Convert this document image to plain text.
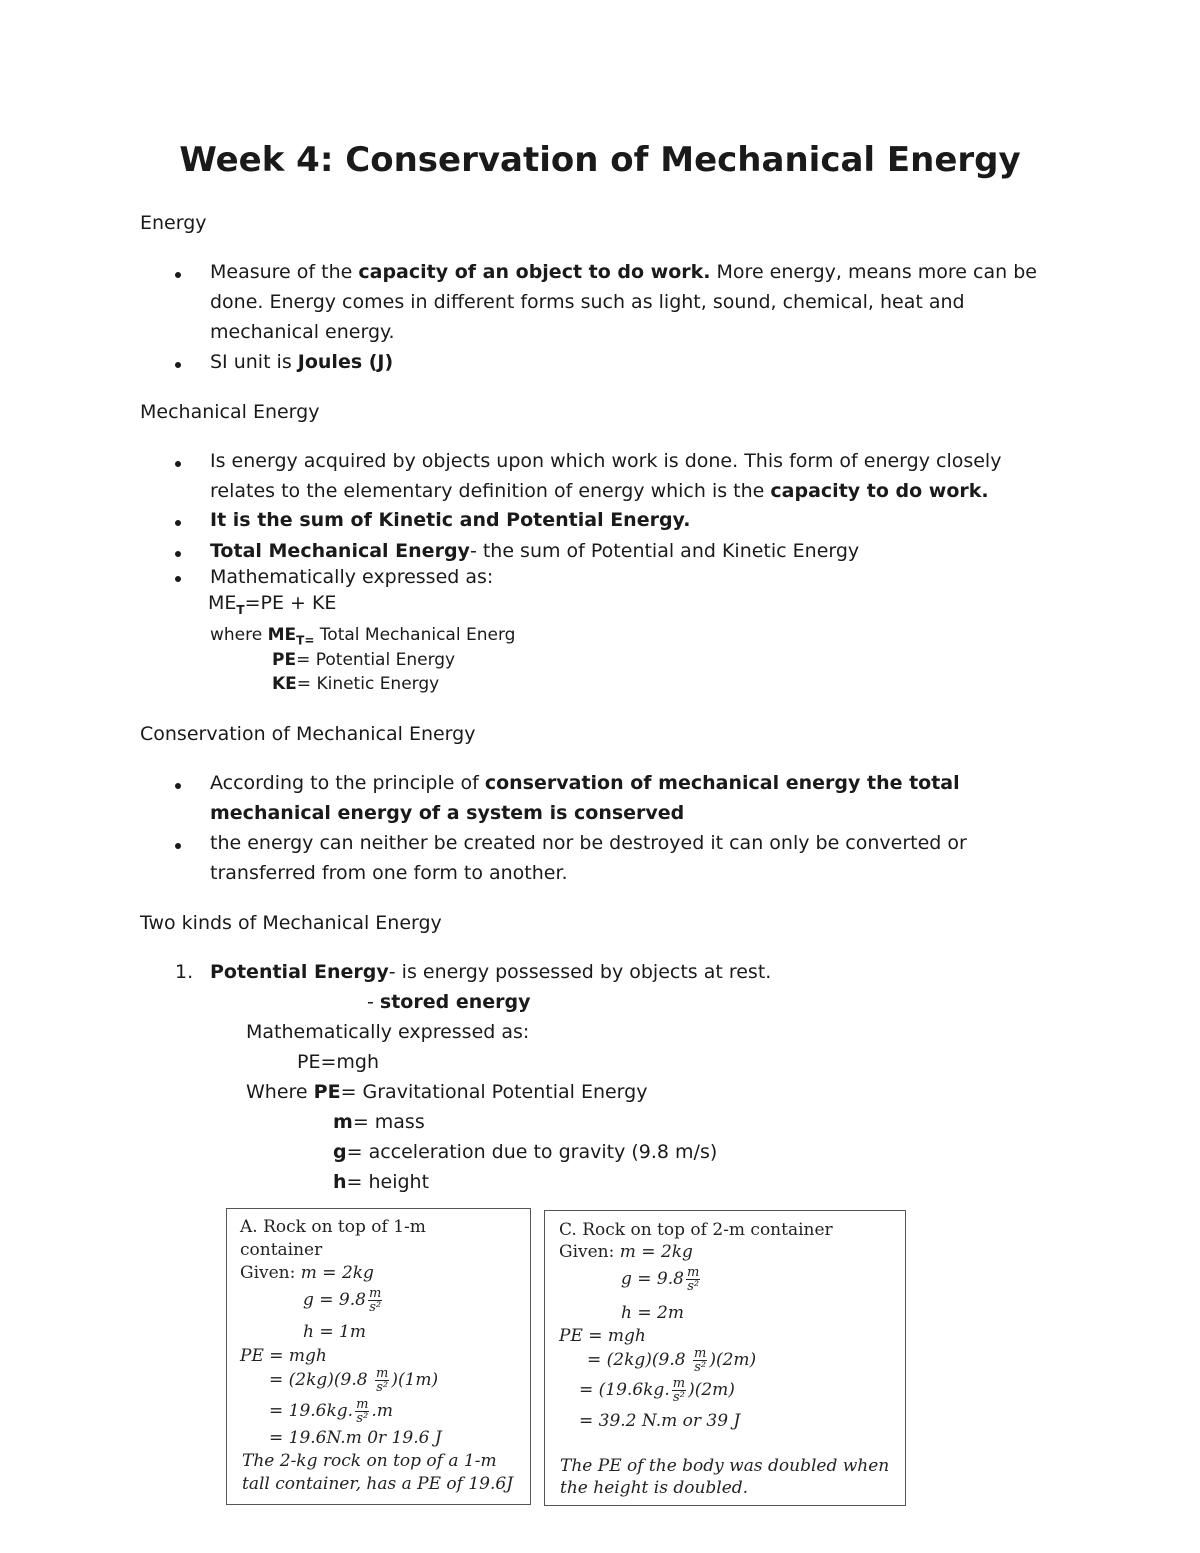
Week 4: Conservation of Mechanical Energy
Energy
Measure of the capacity of an object to do work. More energy, means more can be
done. Energy comes in different forms such as light, sound, chemical, heat and
mechanical energy.
SI unit is Joules (J)
Mechanical Energy
Is energy acquired by objects upon which work is done. This form of energy closely
relates to the elementary definition of energy which is the capacity to do work.
It is the sum of Kinetic and Potential Energy.
Total Mechanical Energy- the sum of Potential and Kinetic Energy
Mathematically expressed as:
$ME_T=PE$ + KE
where $ME_{T=}$ Total Mechanical Energ
PE= Potential Energy
KE= Kinetic Energy
Conservation of Mechanical Energy
According to the principle of conservation of mechanical energy the total
mechanical energy of a system is conserved
the energy can neither be created nor be destroyed it can only be converted or
transferred from one form to another.
Two kinds of Mechanical Energy
1. Potential Energy- is energy possessed by objects at rest.
- stored energy
Mathematically expressed as:
PE=mgh
Where PE= Gravitational Potential Energy
m= mass
g= acceleration due to gravity (9.8 m/s)
h= height
A. Rock on top of 1-m
container
Given: m = 2kg
$g = 9.8 \frac{m}{\text{s²}}$
h = 1m
PE = mgh
= $(2kg)(9.8 \frac{m}{\text{s²}} )(1m)$
= 19.6kg. $\frac{m}{\text{s²}} .m$
= 19.6N.m 0r 19.6 J
The 2-kg rock on top of a 1-m
tall container, has a PE of 19.6J
C. Rock on top of 2-m container
Given: m = 2kg
$g = 9.8 \frac{m}{\text{s²}}$
h = 2m
PE = mgh
= $(2kg)(9.8 \frac{m}{\text{s²}} )(2m)$
= (19.6kg. $\frac{m}{\text{s²}} )(2m)$
= 39.2 N.m or 39 J
The PE of the body was doubled when
the height is doubled.
